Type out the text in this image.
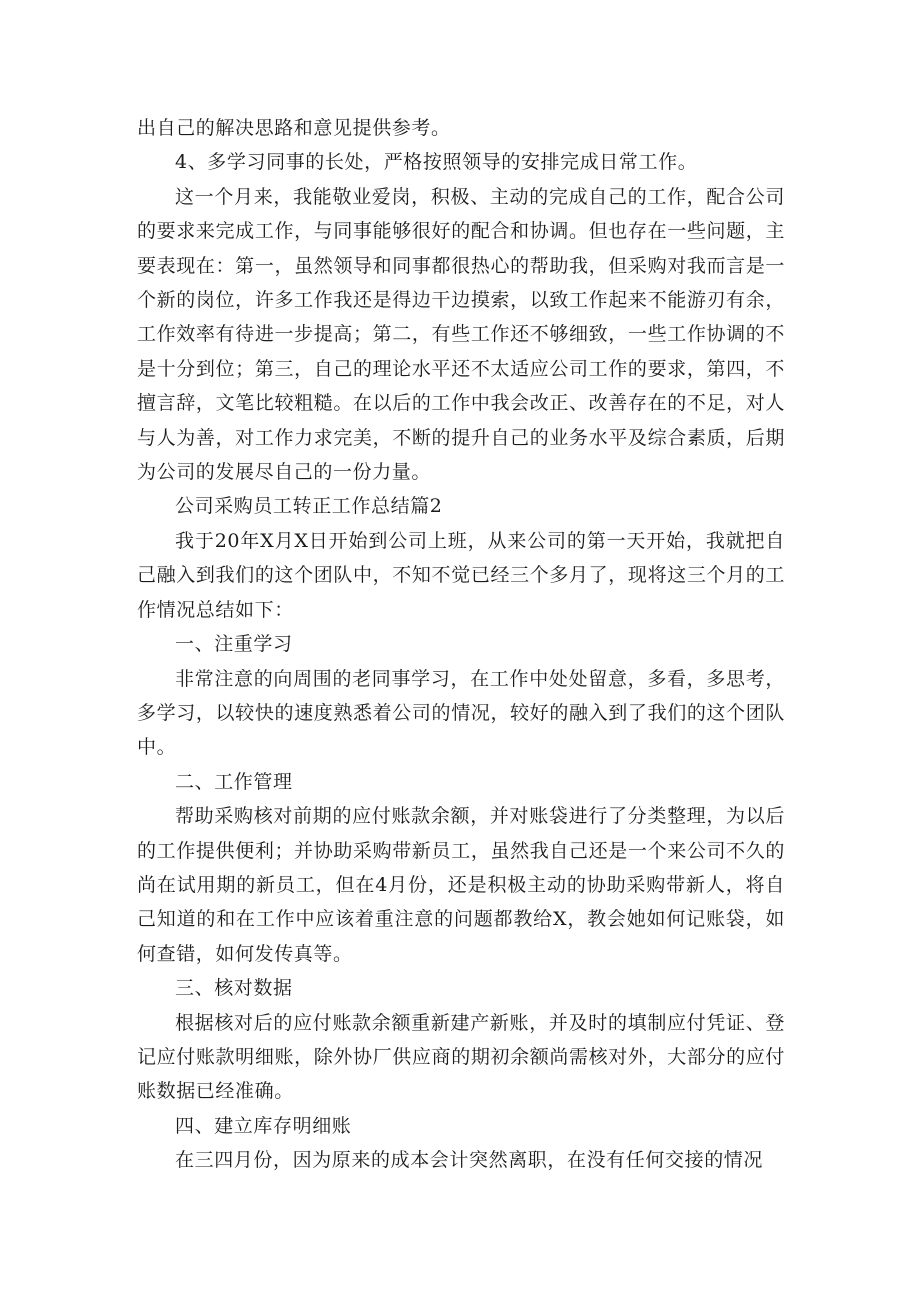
出自己的解决思路和意见提供参考。

4、多学习同事的长处，严格按照领导的安排完成日常工作。

这一个月来，我能敬业爱岗，积极、主动的完成自己的工作，配合公司的要求来完成工作，与同事能够很好的配合和协调。但也存在一些问题，主要表现在：第一，虽然领导和同事都很热心的帮助我，但采购对我而言是一个新的岗位，许多工作我还是得边干边摸索，以致工作起来不能游刃有余，工作效率有待进一步提高；第二，有些工作还不够细致，一些工作协调的不是十分到位；第三，自己的理论水平还不太适应公司工作的要求，第四，不擅言辞，文笔比较粗糙。在以后的工作中我会改正、改善存在的不足，对人与人为善，对工作力求完美，不断的提升自己的业务水平及综合素质，后期为公司的发展尽自己的一份力量。

公司采购员工转正工作总结篇2

我于20年X月X日开始到公司上班，从来公司的第一天开始，我就把自己融入到我们的这个团队中，不知不觉已经三个多月了，现将这三个月的工作情况总结如下：

一、注重学习

非常注意的向周围的老同事学习，在工作中处处留意，多看，多思考，多学习，以较快的速度熟悉着公司的情况，较好的融入到了我们的这个团队中。

二、工作管理

帮助采购核对前期的应付账款余额，并对账袋进行了分类整理，为以后的工作提供便利；并协助采购带新员工，虽然我自己还是一个来公司不久的尚在试用期的新员工，但在4月份，还是积极主动的协助采购带新人，将自己知道的和在工作中应该着重注意的问题都教给X，教会她如何记账袋，如何查错，如何发传真等。

三、核对数据

根据核对后的应付账款余额重新建产新账，并及时的填制应付凭证、登记应付账款明细账，除外协厂供应商的期初余额尚需核对外，大部分的应付账数据已经准确。

四、建立库存明细账

在三四月份，因为原来的成本会计突然离职，在没有任何交接的情况
